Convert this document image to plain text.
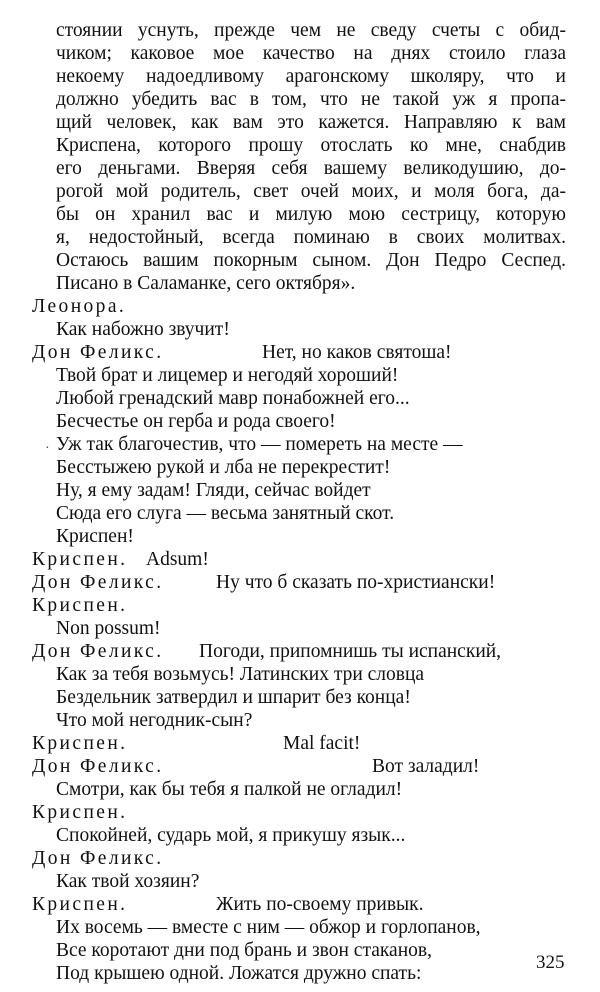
стоянии уснуть, прежде чем не сведу счеты с обид-
чиком; каковое мое качество на днях стоило глаза
некоему надоедливому арагонскому школяру, что и
должно убедить вас в том, что не такой уж я пропа-
щий человек, как вам это кажется. Направляю к вам
Криспена, которого прошу отослать ко мне, снабдив
его деньгами. Вверяя себя вашему великодушию, до-
рогой мой родитель, свет очей моих, и моля бога, да-
бы он хранил вас и милую мою сестрицу, которую
я, недостойный, всегда поминаю в своих молитвах.
Остаюсь вашим покорным сыном. Дон Педро Сеспед.
Писано в Саламанке, сего октября».
Леонора.
Как набожно звучит!
Дон Феликс.	Нет, но каков святоша!
Твой брат и лицемер и негодяй хороший!
Любой гренадский мавр понабожней его...
Бесчестье он герба и рода своего!
Уж так благочестив, что — помереть на месте —
Бесстыжею рукой и лба не перекрестит!
Ну, я ему задам! Гляди, сейчас войдет
Сюда его слуга — весьма занятный скот.
Криспен!
Криспен. Adsum!
Дон Феликс.	Ну что б сказать по-христиански!
Криспен.
Non possum!
Дон Феликс. Погоди, припомнишь ты испанский,
Как за тебя возьмусь! Латинских три словца
Бездельник затвердил и шпарит без конца!
Что мой негодник-сын?
Криспен.	Mal facit!
Дон Феликс.	Вот заладил!
Смотри, как бы тебя я палкой не огладил!
Криспен.
Спокойней, сударь мой, я прикушу язык...
Дон Феликс.
Как твой хозяин?
Криспен.	Жить по-своему привык.
Их восемь — вместе с ним — обжор и горлопанов,
Все коротают дни под брань и звон стаканов,
Под крышею одной. Ложатся дружно спать:
·
325
